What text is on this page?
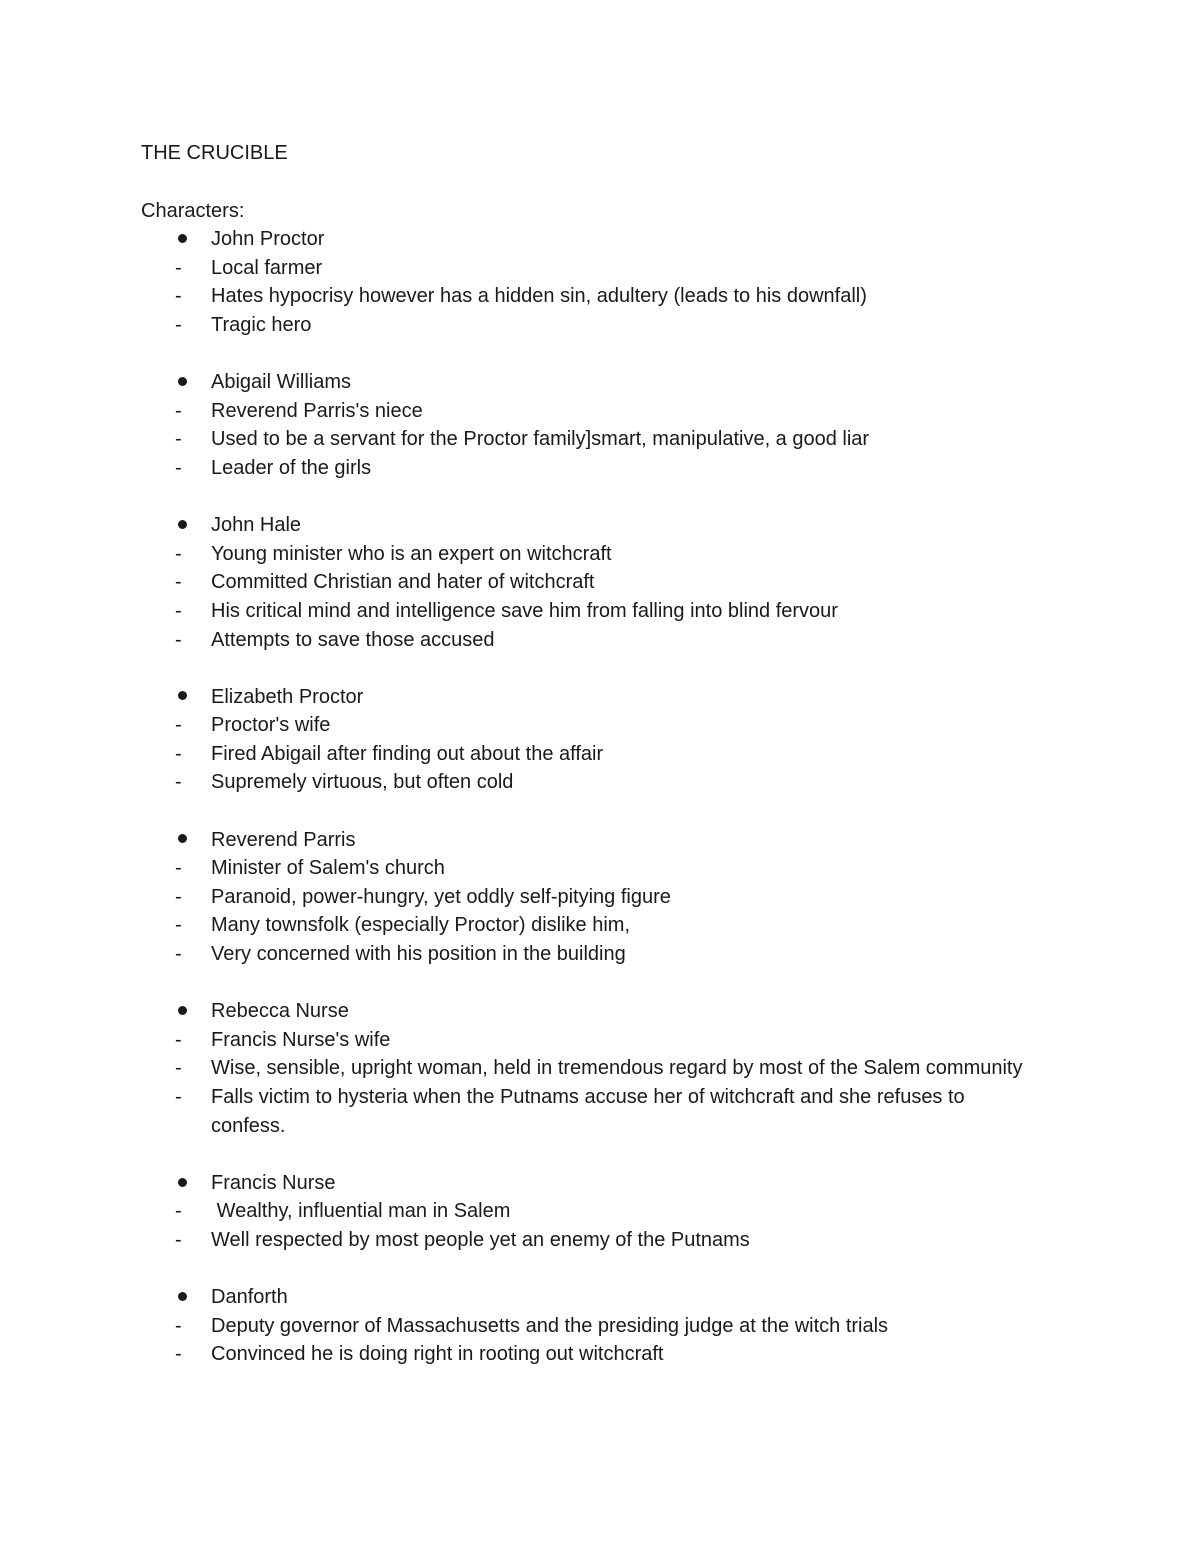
THE CRUCIBLE

Characters:

John Proctor
-	Local farmer
-	Hates hypocrisy however has a hidden sin, adultery (leads to his downfall)
-	Tragic hero
Abigail Williams
-	Reverend Parris's niece
-	Used to be a servant for the Proctor family]smart, manipulative, a good liar
-	Leader of the girls
John Hale
-	Young minister who is an expert on witchcraft
-	Committed Christian and hater of witchcraft
-	His critical mind and intelligence save him from falling into blind fervour
-	Attempts to save those accused
Elizabeth Proctor
-	Proctor's wife
-	Fired Abigail after finding out about the affair
-	Supremely virtuous, but often cold
Reverend Parris
-	Minister of Salem's church
-	Paranoid, power-hungry, yet oddly self-pitying figure
-	Many townsfolk (especially Proctor) dislike him,
-	Very concerned with his position in the building
Rebecca Nurse
-	Francis Nurse's wife
-	Wise, sensible, upright woman, held in tremendous regard by most of the Salem community
-	Falls victim to hysteria when the Putnams accuse her of witchcraft and she refuses to confess.
Francis Nurse
-	Wealthy, influential man in Salem
-	Well respected by most people yet an enemy of the Putnams
Danforth
-	Deputy governor of Massachusetts and the presiding judge at the witch trials
-	Convinced he is doing right in rooting out witchcraft
